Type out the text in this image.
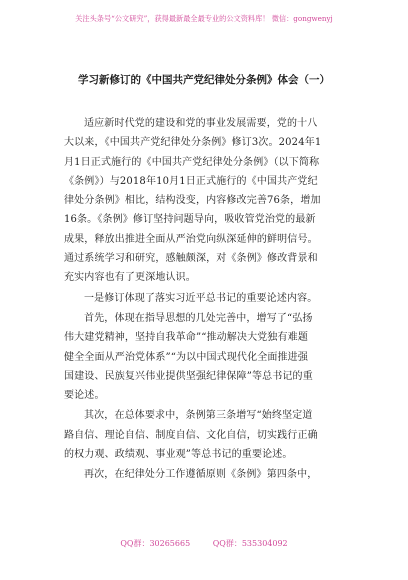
关注头条号“公文研究”，获得最新最全最专业的公文资料库！ 微信：gongwenyj
学习新修订的《中国共产党纪律处分条例》体会（一）
适应新时代党的建设和党的事业发展需要，党的十八
大以来，《中国共产党纪律处分条例》修订3次。2024年1
月1日正式施行的《中国共产党纪律处分条例》（以下简称
《条例》）与2018年10月1日正式施行的《中国共产党纪
律处分条例》相比，结构没变，内容修改完善76条，增加
16条。《条例》修订坚持问题导向，吸收管党治党的最新
成果，释放出推进全面从严治党向纵深延伸的鲜明信号。
通过系统学习和研究，感触颇深，对《条例》修改背景和
充实内容也有了更深地认识。
一是修订体现了落实习近平总书记的重要论述内容。
首先，体现在指导思想的几处完善中，增写了“弘扬
伟大建党精神，坚持自我革命”“推动解决大党独有难题
健全全面从严治党体系”“为以中国式现代化全面推进强
国建设、民族复兴伟业提供坚强纪律保障”等总书记的重
要论述。
其次，在总体要求中，条例第三条增写“始终坚定道
路自信、理论自信、制度自信、文化自信，切实践行正确
的权力观、政绩观、事业观”等总书记的重要论述。
再次，在纪律处分工作遵循原则《条例》第四条中，
QQ群：30265665	QQ群：535304092
